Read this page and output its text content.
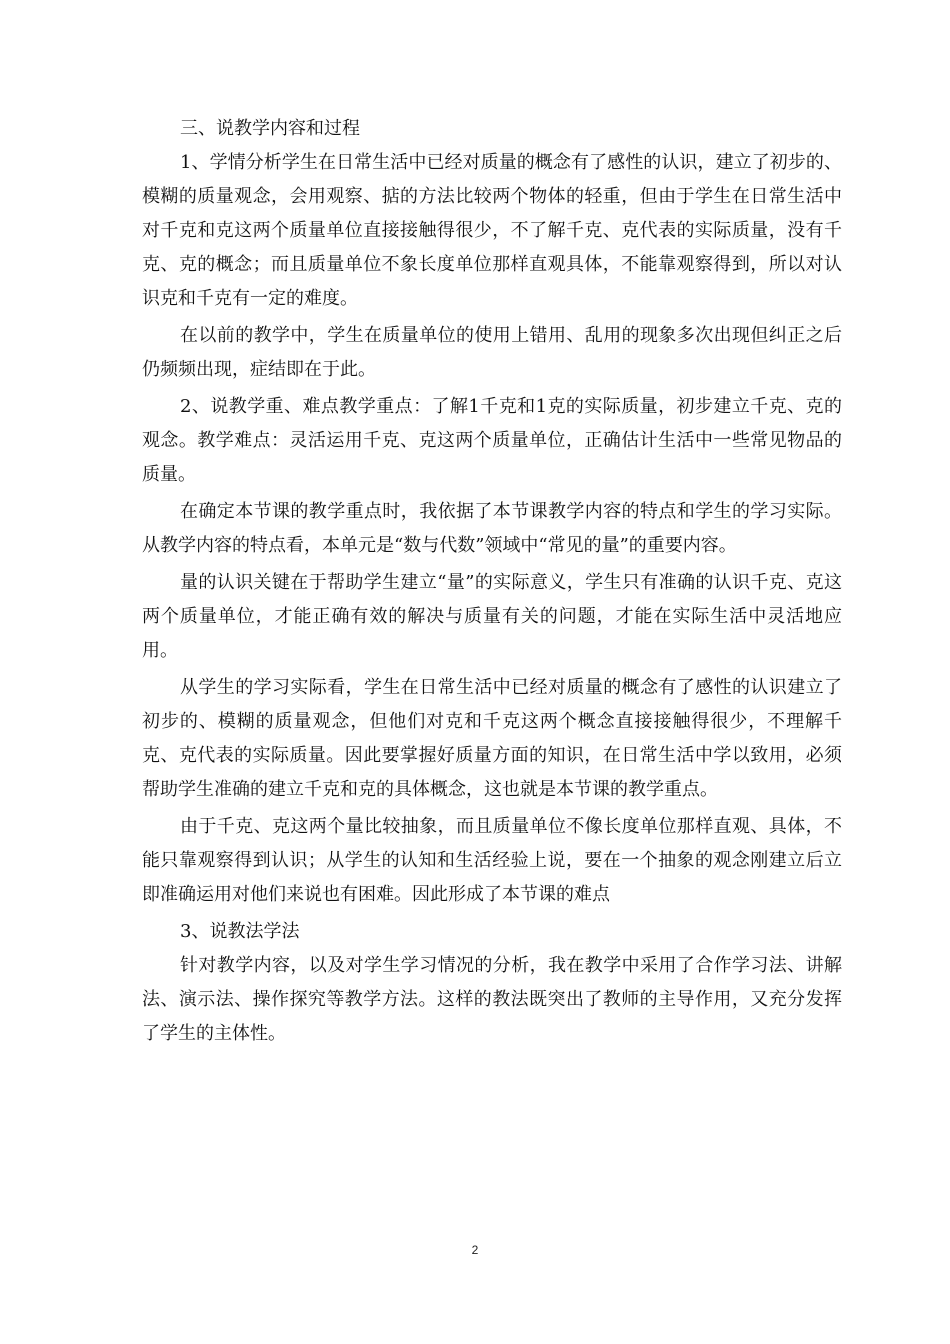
三、说教学内容和过程

1、学情分析学生在日常生活中已经对质量的概念有了感性的认识，建立了初步的、模糊的质量观念，会用观察、掂的方法比较两个物体的轻重，但由于学生在日常生活中对千克和克这两个质量单位直接接触得很少，不了解千克、克代表的实际质量，没有千克、克的概念；而且质量单位不象长度单位那样直观具体，不能靠观察得到，所以对认识克和千克有一定的难度。

在以前的教学中，学生在质量单位的使用上错用、乱用的现象多次出现但纠正之后仍频频出现，症结即在于此。

2、说教学重、难点教学重点：了解1千克和1克的实际质量，初步建立千克、克的观念。教学难点：灵活运用千克、克这两个质量单位，正确估计生活中一些常见物品的质量。

在确定本节课的教学重点时，我依据了本节课教学内容的特点和学生的学习实际。从教学内容的特点看，本单元是“数与代数”领域中“常见的量”的重要内容。

量的认识关键在于帮助学生建立“量”的实际意义，学生只有准确的认识千克、克这两个质量单位，才能正确有效的解决与质量有关的问题，才能在实际生活中灵活地应用。

从学生的学习实际看，学生在日常生活中已经对质量的概念有了感性的认识建立了初步的、模糊的质量观念，但他们对克和千克这两个概念直接接触得很少，不理解千克、克代表的实际质量。因此要掌握好质量方面的知识，在日常生活中学以致用，必须帮助学生准确的建立千克和克的具体概念，这也就是本节课的教学重点。

由于千克、克这两个量比较抽象，而且质量单位不像长度单位那样直观、具体，不能只靠观察得到认识；从学生的认知和生活经验上说，要在一个抽象的观念刚建立后立即准确运用对他们来说也有困难。因此形成了本节课的难点

3、说教法学法

针对教学内容，以及对学生学习情况的分析，我在教学中采用了合作学习法、讲解法、演示法、操作探究等教学方法。这样的教法既突出了教师的主导作用，又充分发挥了学生的主体性。

2
